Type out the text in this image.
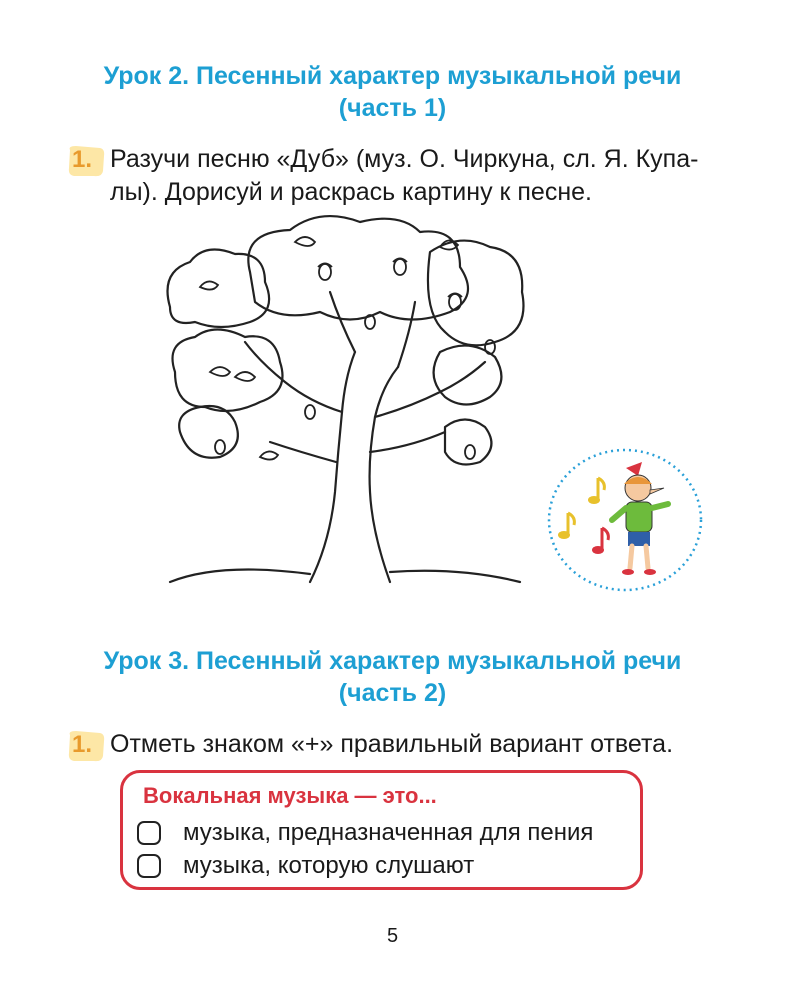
Урок 2. Песенный характер музыкальной речи
(часть 1)
1. Разучи песню «Дуб» (муз. О. Чиркуна, сл. Я. Купа-
лы). Дорисуй и раскрась картину к песне.

Урок 3. Песенный характер музыкальной речи
(часть 2)
1. Отметь знаком «+» правильный вариант ответа.

Вокальная музыка — это...
музыка, предназначенная для пения
музыка, которую слушают
5
